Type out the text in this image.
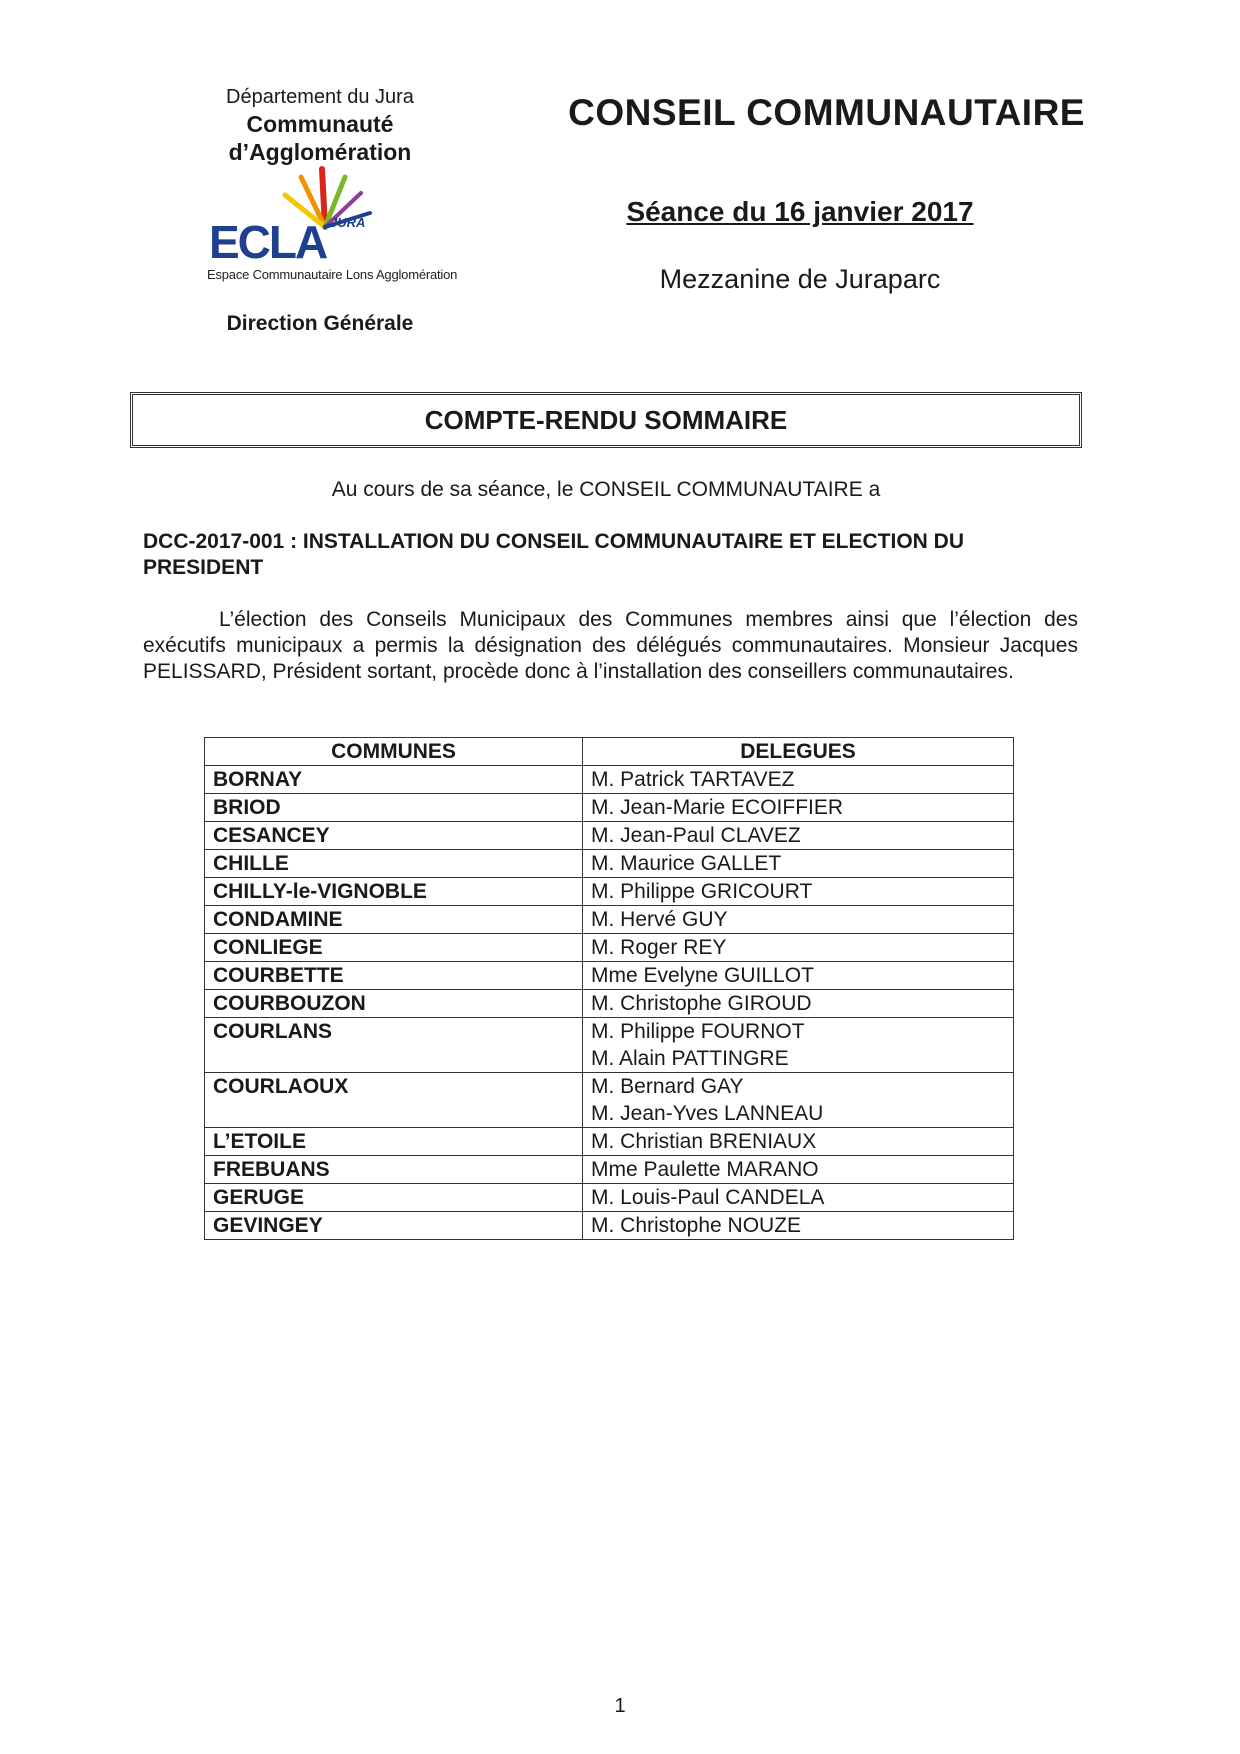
Département du Jura
Communauté
d’Agglomération
ECLA JURA
Espace Communautaire Lons Agglomération
Direction Générale
CONSEIL COMMUNAUTAIRE
Séance du 16 janvier 2017
Mezzanine de Juraparc
COMPTE-RENDU SOMMAIRE
Au cours de sa séance, le CONSEIL COMMUNAUTAIRE a
DCC-2017-001 : INSTALLATION DU CONSEIL COMMUNAUTAIRE ET ELECTION DU PRESIDENT
L’élection des Conseils Municipaux des Communes membres ainsi que l’élection des exécutifs municipaux a permis la désignation des délégués communautaires. Monsieur Jacques PELISSARD, Président sortant, procède donc à l’installation des conseillers communautaires.
COMMUNES	DELEGUES
BORNAY	M. Patrick TARTAVEZ

BRIOD	M. Jean-Marie ECOIFFIER

CESANCEY	M. Jean-Paul CLAVEZ

CHILLE	M. Maurice GALLET

CHILLY-le-VIGNOBLE	M. Philippe GRICOURT

CONDAMINE	M. Hervé GUY

CONLIEGE	M. Roger REY

COURBETTE	Mme Evelyne GUILLOT

COURBOUZON	M. Christophe GIROUD

COURLANS	M. Philippe FOURNOT
M. Alain PATTINGRE

COURLAOUX	M. Bernard GAY
M. Jean-Yves LANNEAU

L’ETOILE	M. Christian BRENIAUX

FREBUANS	Mme Paulette MARANO

GERUGE	M. Louis-Paul CANDELA

GEVINGEY	M. Christophe NOUZE
1
